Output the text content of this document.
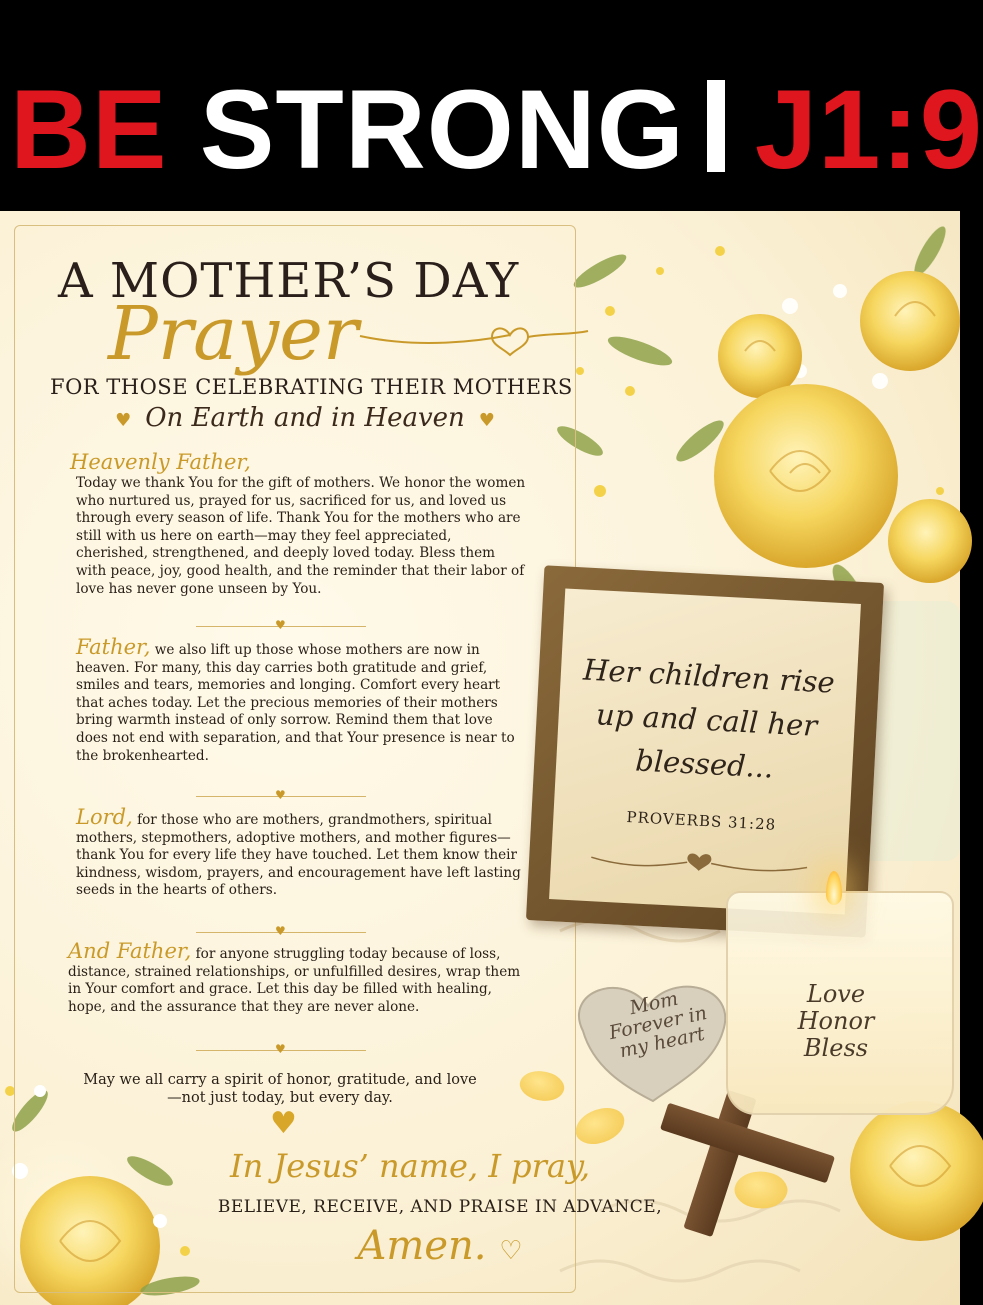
BE STRONG J1:9
A MOTHER’S DAY
Prayer
FOR THOSE CELEBRATING THEIR MOTHERS
♥ On Earth and in Heaven ♥
Heavenly Father,
Today we thank You for the gift of mothers. We honor the women who nurtured us, prayed for us, sacrificed for us, and loved us through every season of life. Thank You for the mothers who are still with us here on earth—may they feel appreciated, cherished, strengthened, and deeply loved today. Bless them with peace, joy, good health, and the reminder that their labor of love has never gone unseen by You.
♥
Father, we also lift up those whose mothers are now in heaven. For many, this day carries both gratitude and grief, smiles and tears, memories and longing. Comfort every heart that aches today. Let the precious memories of their mothers bring warmth instead of only sorrow. Remind them that love does not end with separation, and that Your presence is near to the brokenhearted.
♥
Lord, for those who are mothers, grandmothers, spiritual mothers, stepmothers, adoptive mothers, and mother figures—thank You for every life they have touched. Let them know their kindness, wisdom, prayers, and encouragement have left lasting seeds in the hearts of others.
♥
And Father, for anyone struggling today because of loss, distance, strained relationships, or unfulfilled desires, wrap them in Your comfort and grace. Let this day be filled with healing, hope, and the assurance that they are never alone.
♥
May we all carry a spirit of honor, gratitude, and love—not just today, but every day.
♥
In Jesus’ name, I pray,
BELIEVE, RECEIVE, AND PRAISE IN ADVANCE,
Amen. ♡
Her children rise up and call her blessed...
PROVERBS 31:28
Mom Forever in my heart
Love Honor Bless
